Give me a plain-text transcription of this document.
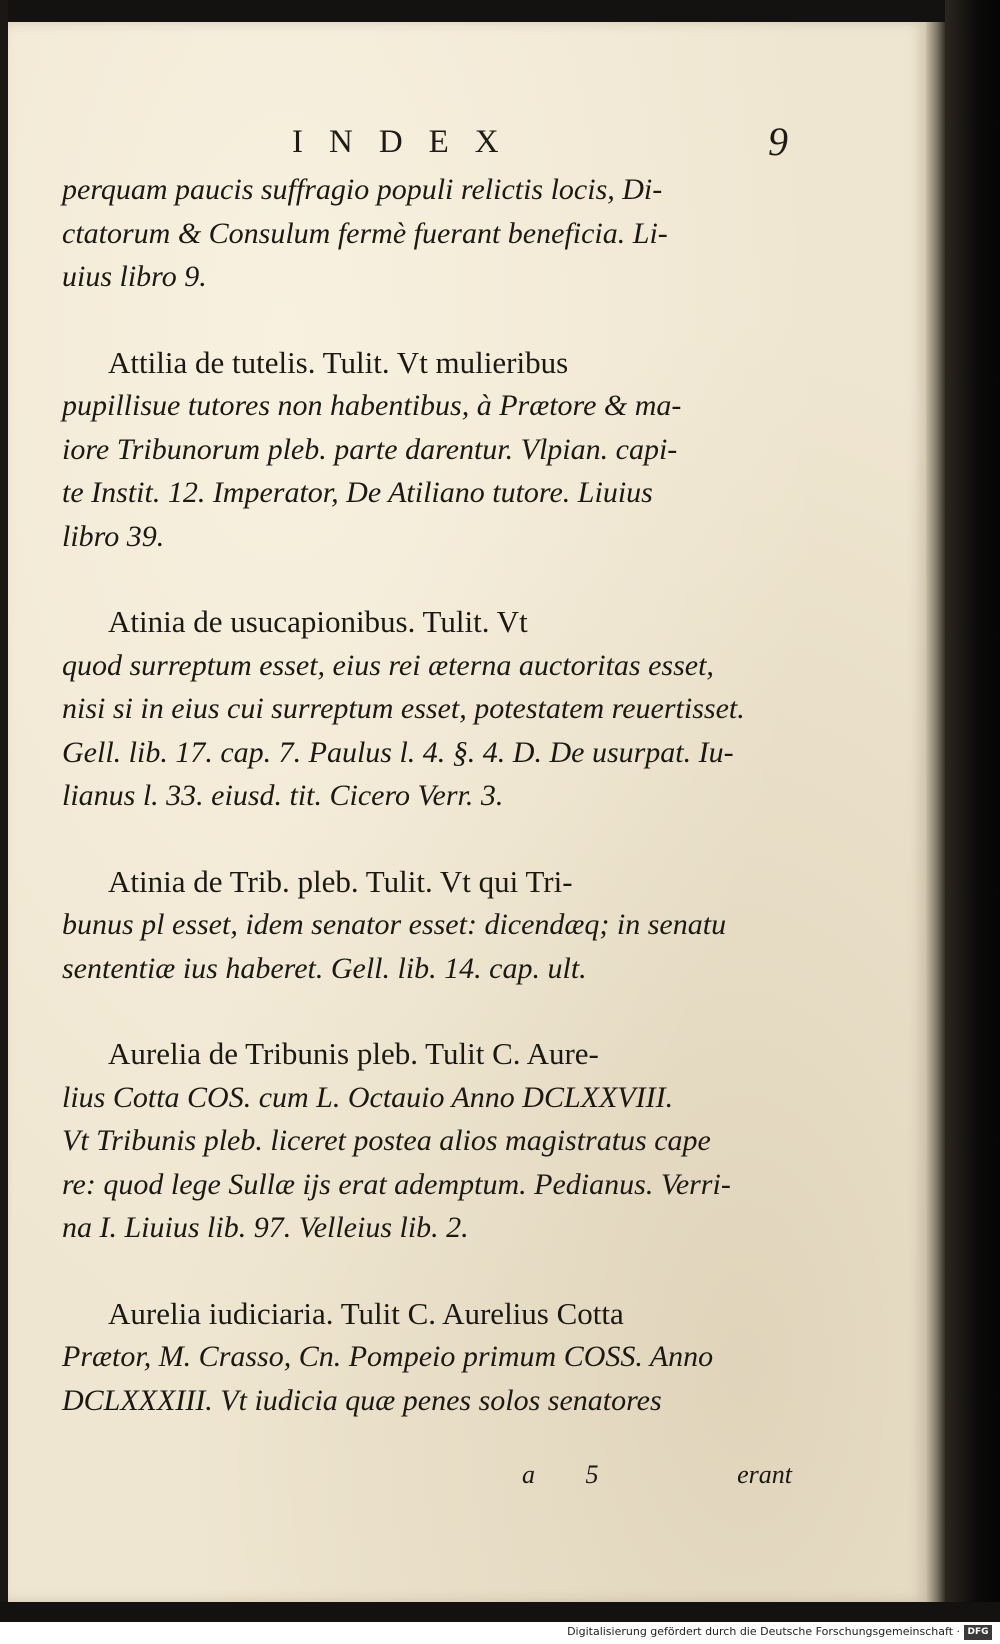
INDEX	9

perquam paucis suffragio populi relictis locis, Di-
ctatorum & Consulum fermè fuerant beneficia. Li-
uius libro 9.

Attilia de tutelis. Tulit. Vt mulieribus
pupillisue tutores non habentibus, à Prætore & ma-
iore Tribunorum pleb. parte darentur. Vlpian. capi-
te Instit. 12. Imperator, De Atiliano tutore. Liuius
libro 39.

Atinia de usucapionibus. Tulit. Vt
quod surreptum esset, eius rei æterna auctoritas esset,
nisi si in eius cui surreptum esset, potestatem reuertisset.
Gell. lib. 17. cap. 7. Paulus l. 4. §. 4. D. De usurpat. Iu-
lianus l. 33. eiusd. tit. Cicero Verr. 3.

Atinia de Trib. pleb. Tulit. Vt qui Tri-
bunus pl esset, idem senator esset: dicendæq; in senatu
sententiæ ius haberet. Gell. lib. 14. cap. ult.

Aurelia de Tribunis pleb. Tulit C. Aure-
lius Cotta COS. cum L. Octauio Anno DCLXXVIII.
Vt Tribunis pleb. liceret postea alios magistratus cape
re: quod lege Sullæ ijs erat ademptum. Pedianus. Verri-
na I. Liuius lib. 97. Velleius lib. 2.

Aurelia iudiciaria. Tulit C. Aurelius Cotta
Prætor, M. Crasso, Cn. Pompeio primum COSS. Anno
DCLXXXIII. Vt iudicia quæ penes solos senatores

a 5	erant
Digitalisierung gefördert durch die Deutsche Forschungsgemeinschaft · DFG
